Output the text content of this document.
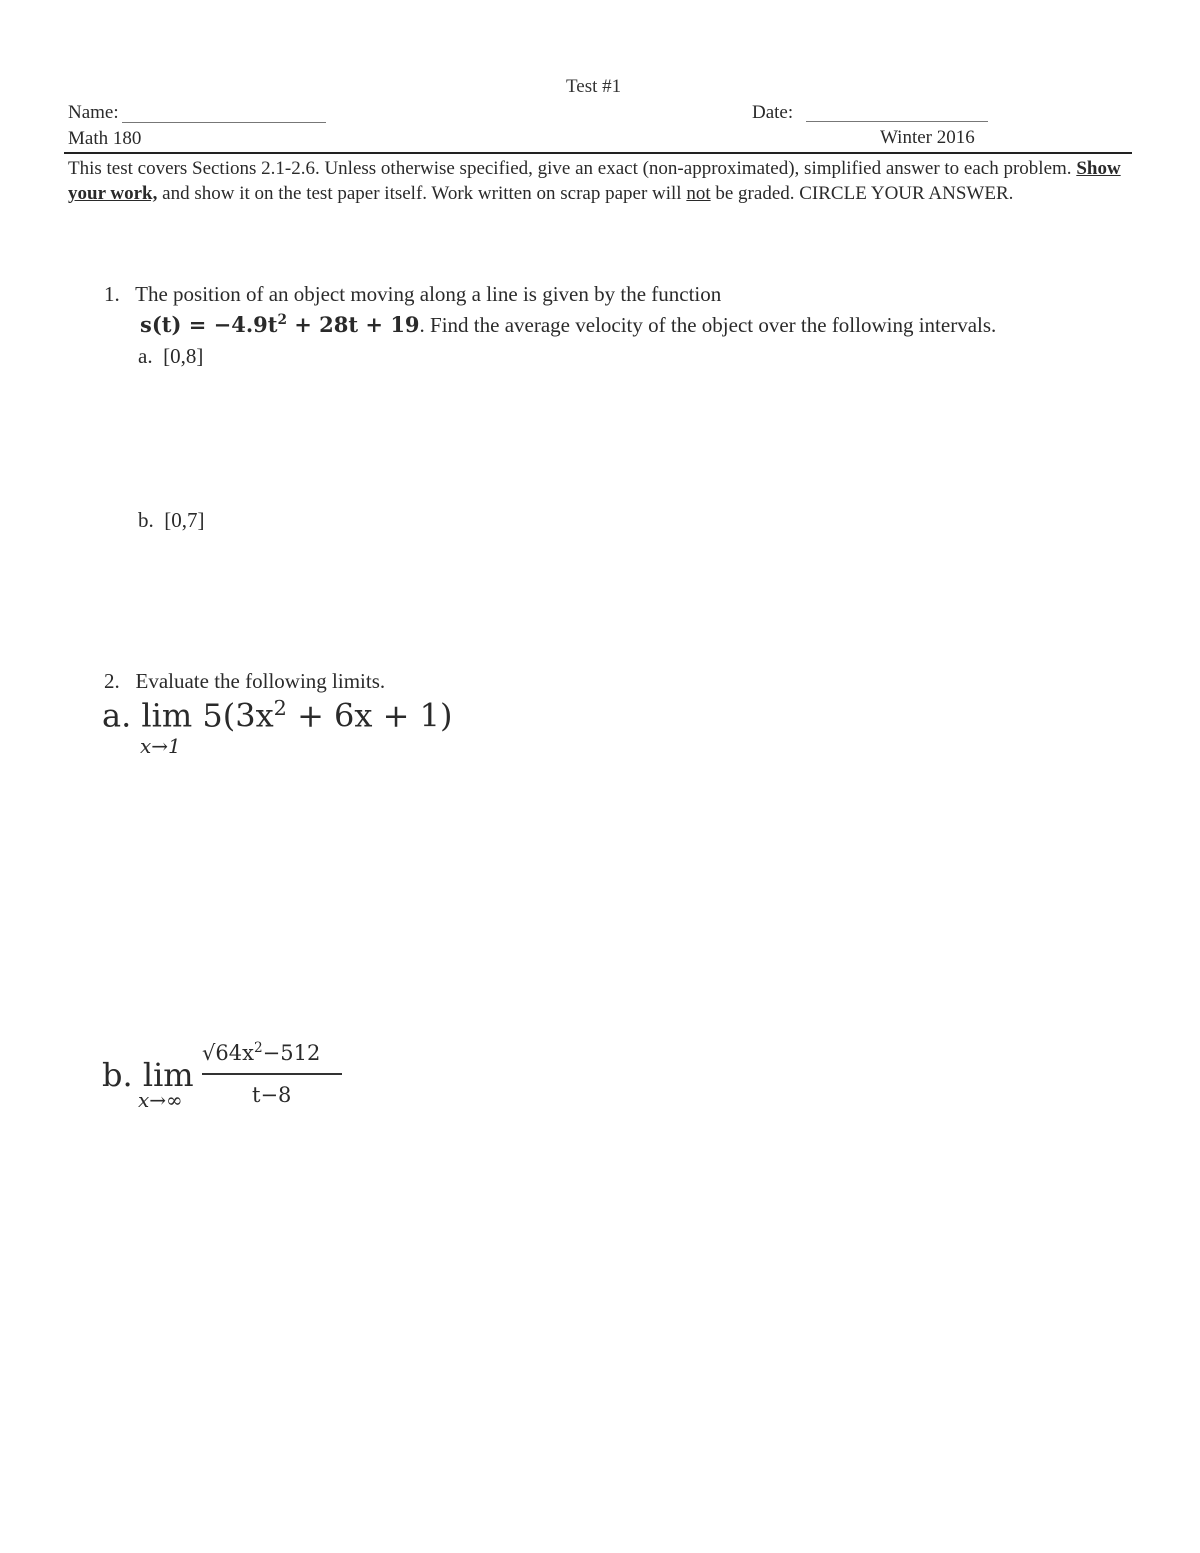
Test #1
Name:	Date:
Math 180	Winter 2016
This test covers Sections 2.1-2.6. Unless otherwise specified, give an exact (non-approximated), simplified answer to each problem. Show your work, and show it on the test paper itself. Work written on scrap paper will not be graded. CIRCLE YOUR ANSWER.
1. The position of an object moving along a line is given by the function
$s(t) = -4.9t^2 + 28t + 19$. Find the average velocity of the object over the following intervals.
a. [0,8]
b. [0,7]
2. Evaluate the following limits.
a. $\lim 5(3x^2 + 6x + 1)$
x→1
b. lim
x→∞
$√64x^2-512$
t−8
